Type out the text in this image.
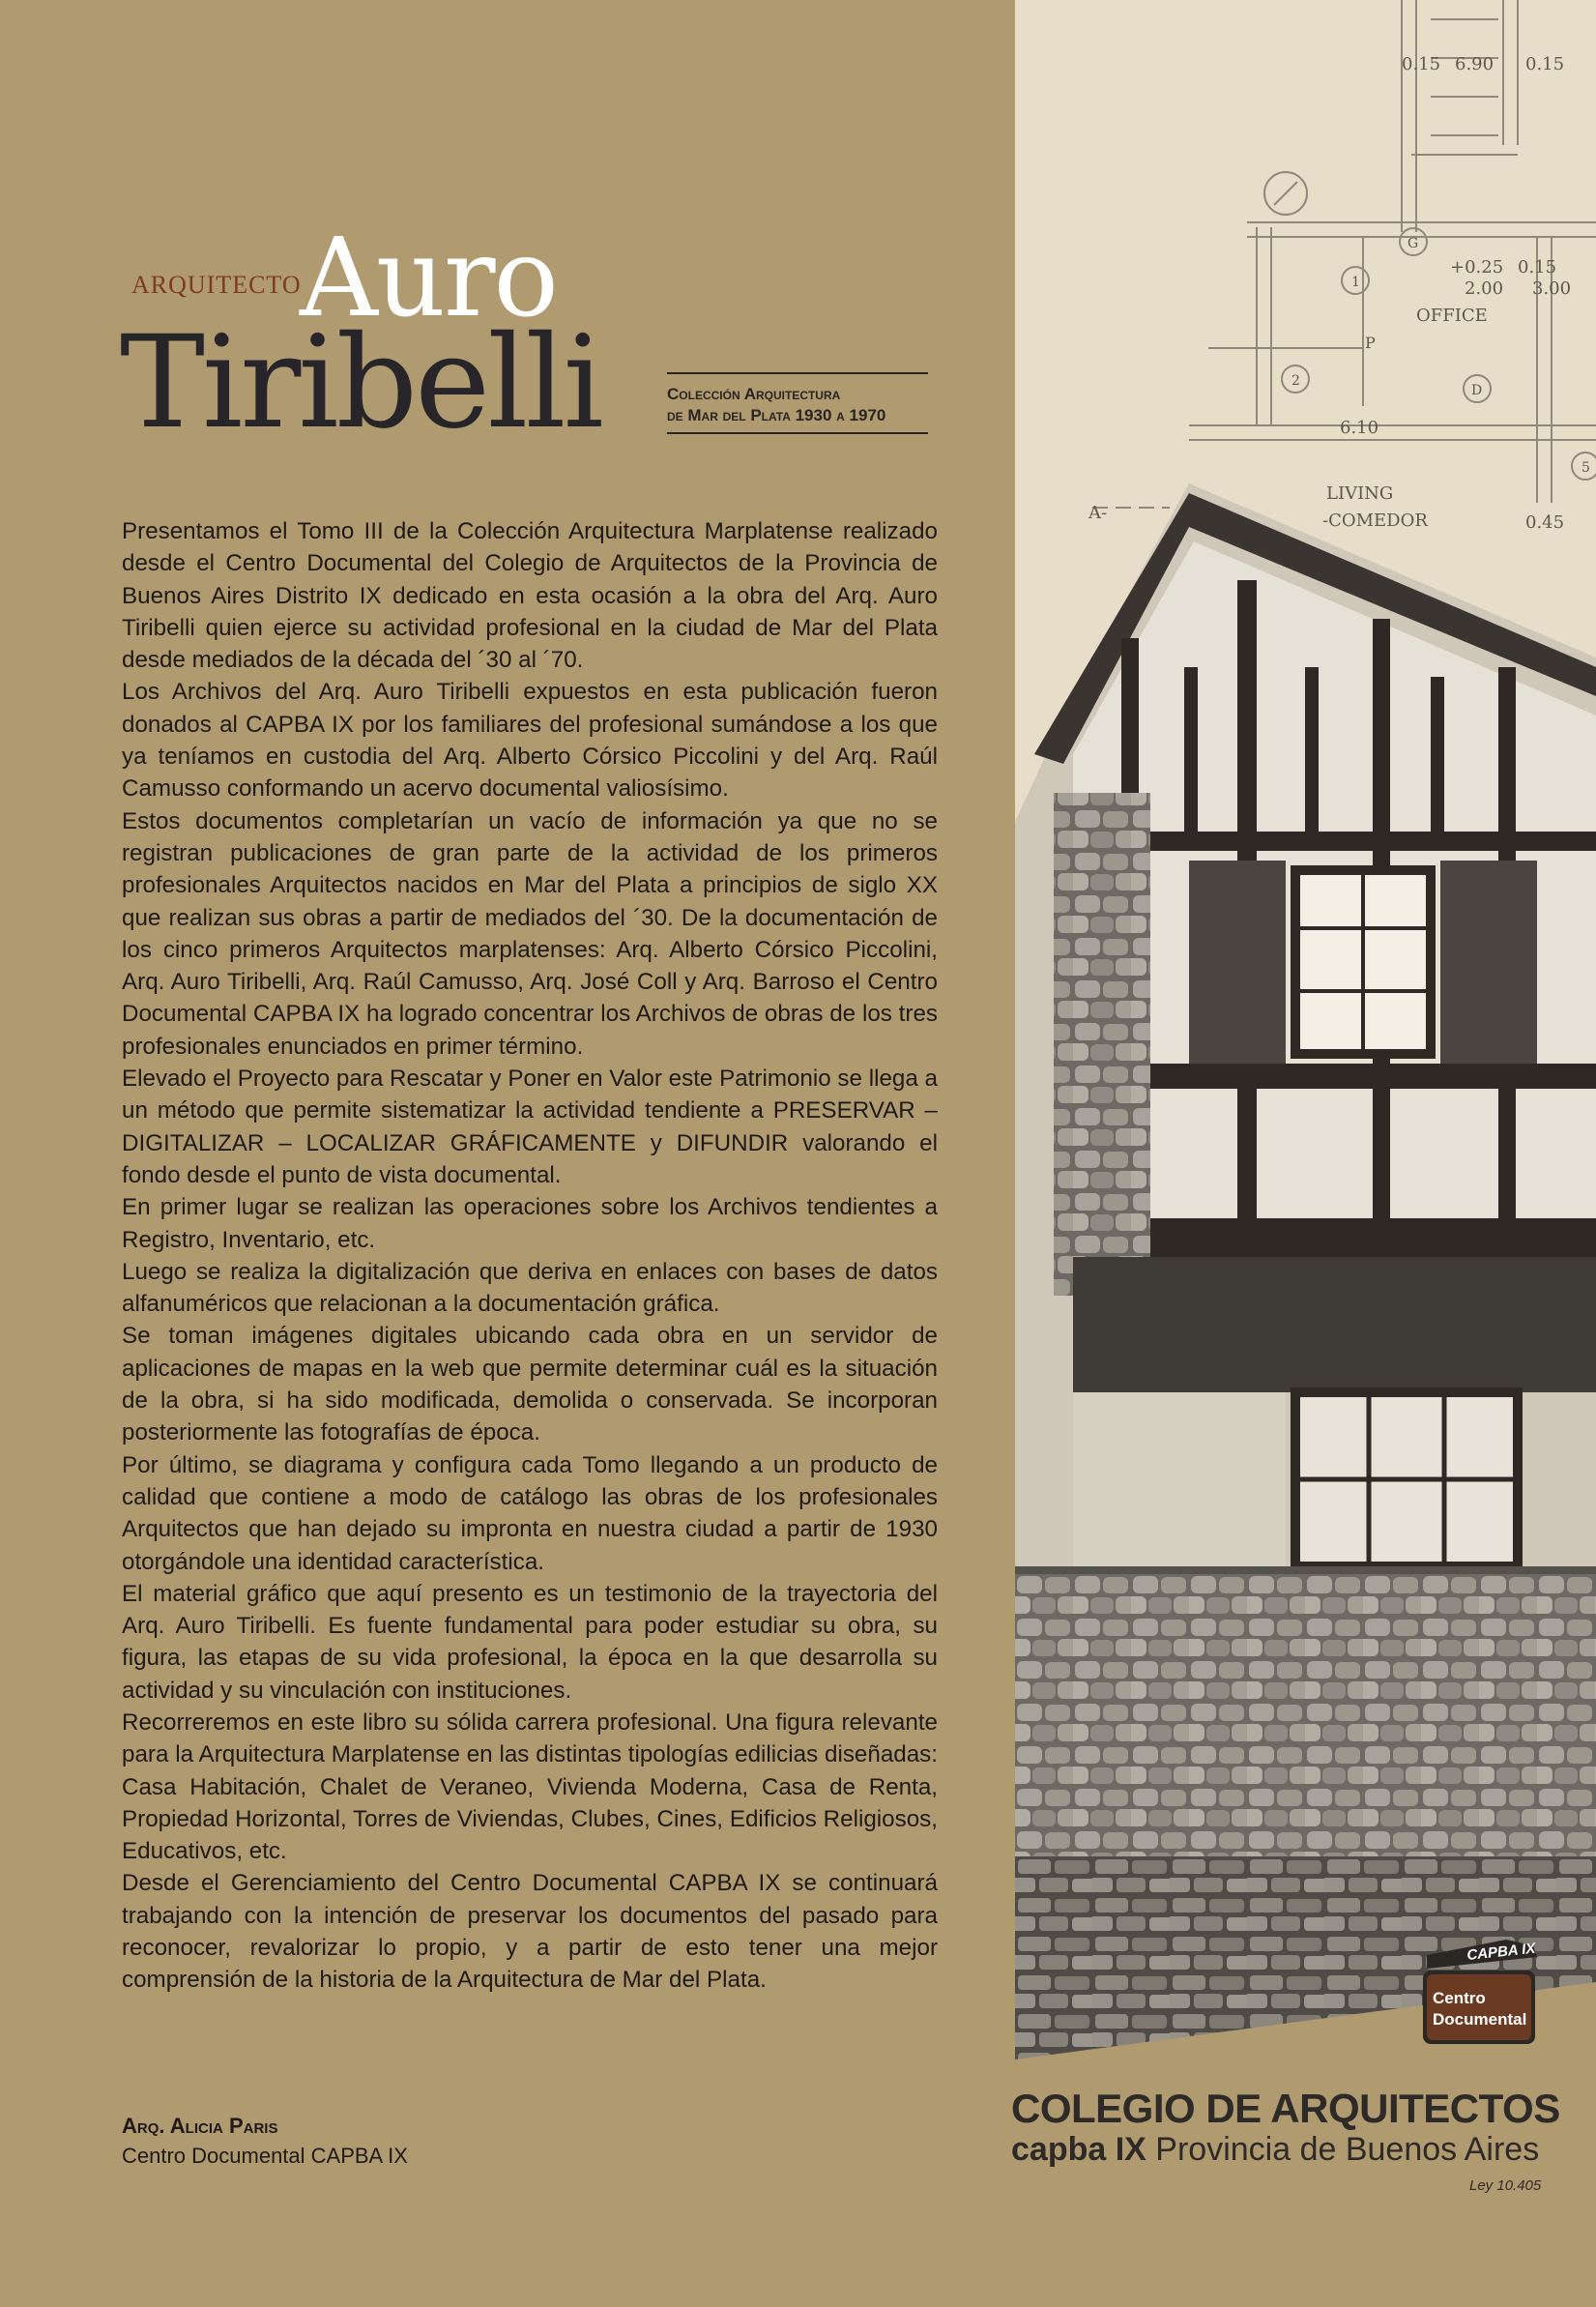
0.15 6.90 0.15
+0.25 0.15
2.00 3.00
OFFICE
6.10
LIVING
-COMEDOR	0.45
A-
G
D
2
1
5
P
ARQUITECTO
Auro
Tiribelli	Colección Arquitectura
de Mar del Plata 1930 a 1970

Presentamos el Tomo III de la Colección Arquitectura Marplatense realizado desde el Centro Documental del Colegio de Arquitectos de la Provincia de Buenos Aires Distrito IX dedicado en esta ocasión a la obra del Arq. Auro Tiribelli quien ejerce su actividad profesional en la ciudad de Mar del Plata desde mediados de la década del ´30 al ´70.

Los Archivos del Arq. Auro Tiribelli expuestos en esta publicación fueron donados al CAPBA IX por los familiares del profesional sumándose a los que ya teníamos en custodia del Arq. Alberto Córsico Piccolini y del Arq. Raúl Camusso conformando un acervo documental valiosísimo.

Estos documentos completarían un vacío de información ya que no se registran publicaciones de gran parte de la actividad de los primeros profesionales Arquitectos nacidos en Mar del Plata a principios de siglo XX que realizan sus obras a partir de mediados del ´30. De la documentación de los cinco primeros Arquitectos marplatenses: Arq. Alberto Córsico Piccolini, Arq. Auro Tiribelli, Arq. Raúl Camusso, Arq. José Coll y Arq. Barroso el Centro Documental CAPBA IX ha logrado concentrar los Archivos de obras de los tres profesionales enunciados en primer término.

Elevado el Proyecto para Rescatar y Poner en Valor este Patrimonio se llega a un método que permite sistematizar la actividad tendiente a PRESERVAR – DIGITALIZAR – LOCALIZAR GRÁFICAMENTE y DIFUNDIR valorando el fondo desde el punto de vista documental.

En primer lugar se realizan las operaciones sobre los Archivos tendientes a Registro, Inventario, etc.

Luego se realiza la digitalización que deriva en enlaces con bases de datos alfanuméricos que relacionan a la documentación gráfica.

Se toman imágenes digitales ubicando cada obra en un servidor de aplicaciones de mapas en la web que permite determinar cuál es la situación de la obra, si ha sido modificada, demolida o conservada. Se incorporan posteriormente las fotografías de época.

Por último, se diagrama y configura cada Tomo llegando a un producto de calidad que contiene a modo de catálogo las obras de los profesionales Arquitectos que han dejado su impronta en nuestra ciudad a partir de 1930 otorgándole una identidad característica.

El material gráfico que aquí presento es un testimonio de la trayectoria del Arq. Auro Tiribelli. Es fuente fundamental para poder estudiar su obra, su figura, las etapas de su vida profesional, la época en la que desarrolla su actividad y su vinculación con instituciones.

Recorreremos en este libro su sólida carrera profesional. Una figura relevante para la Arquitectura Marplatense en las distintas tipologías edilicias diseñadas: Casa Habitación, Chalet de Veraneo, Vivienda Moderna, Casa de Renta, Propiedad Horizontal, Torres de Viviendas, Clubes, Cines, Edificios Religiosos, Educativos, etc.

Desde el Gerenciamiento del Centro Documental CAPBA IX se continuará trabajando con la intención de preservar los documentos del pasado para reconocer, revalorizar lo propio, y a partir de esto tener una mejor comprensión de la historia de la Arquitectura de Mar del Plata.

Arq. Alicia Paris
Centro Documental CAPBA IX
CAPBA IX
Centro
Documental
COLEGIO DE ARQUITECTOS
capba IX Provincia de Buenos Aires
Ley 10.405
